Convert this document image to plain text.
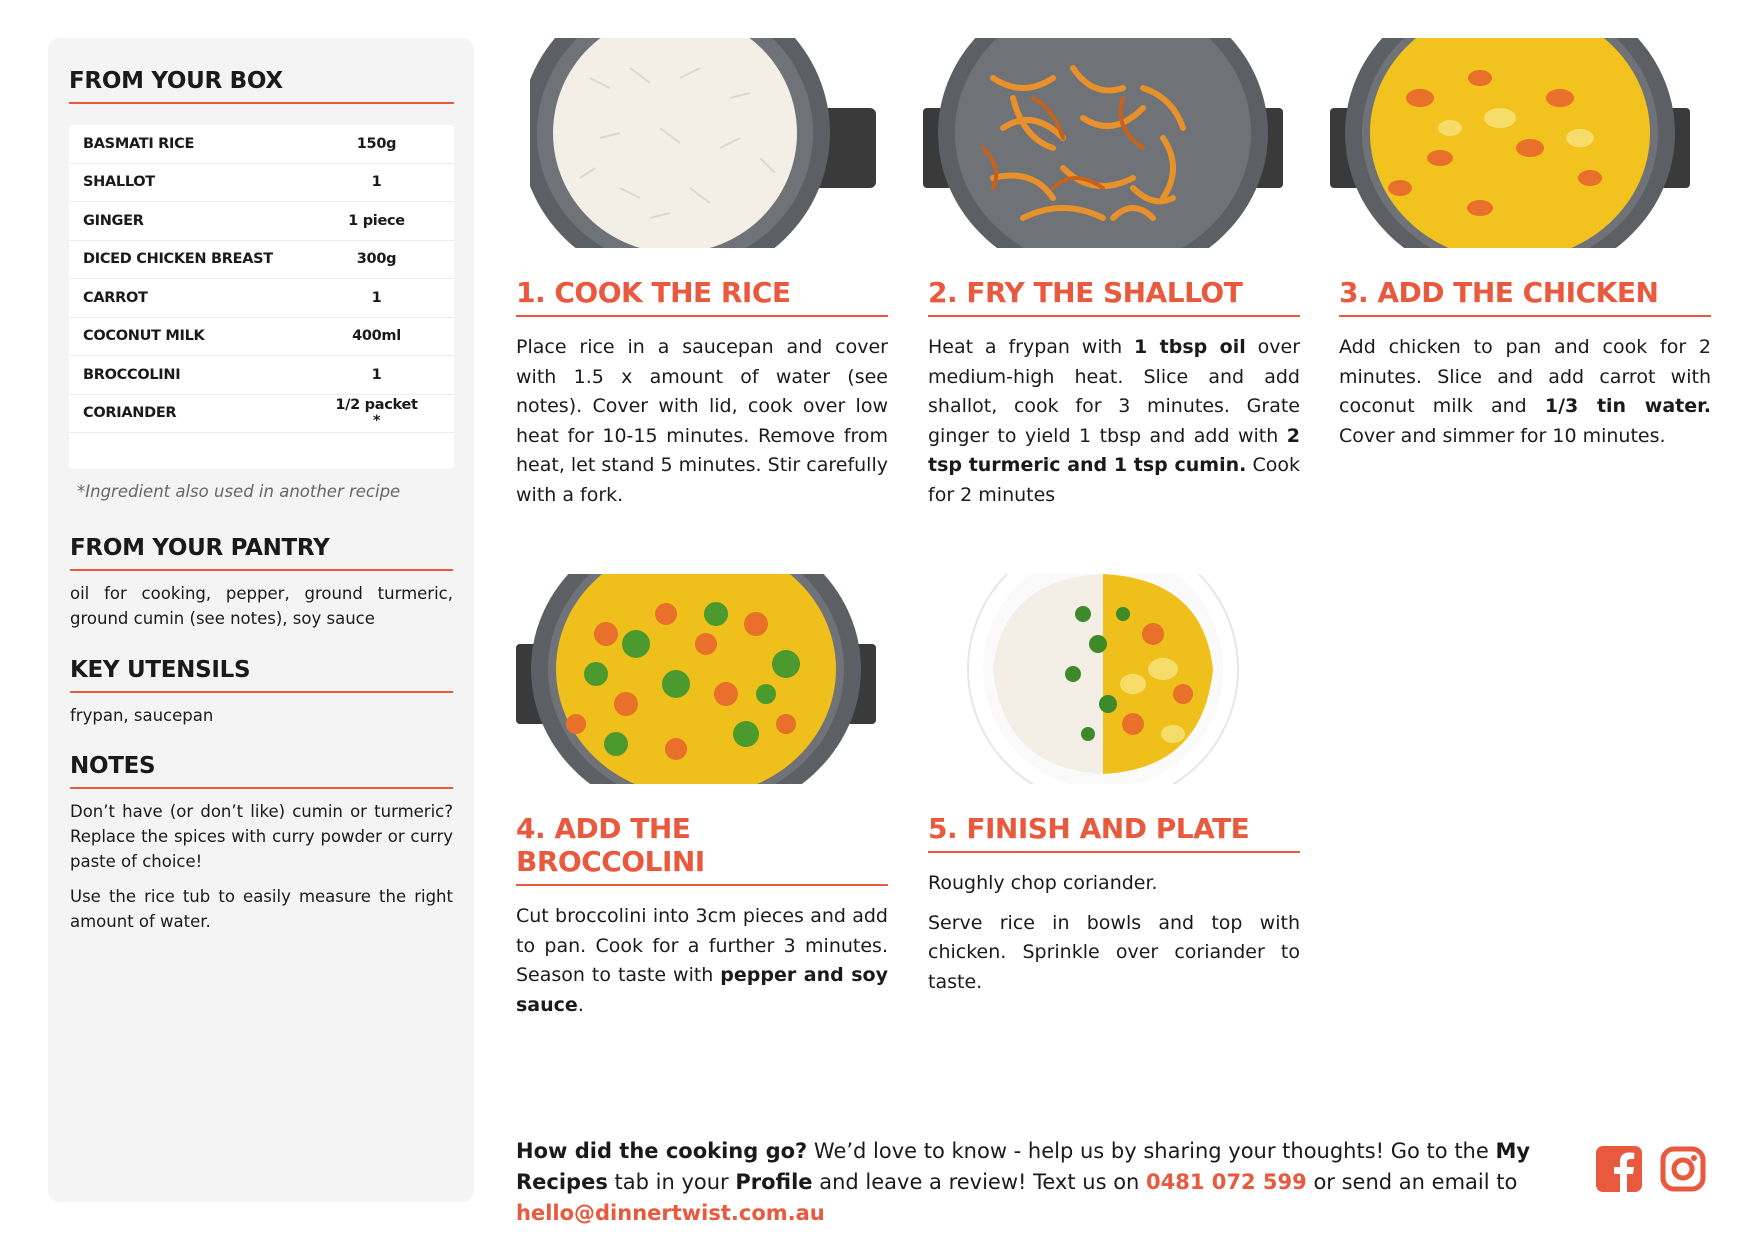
FROM YOUR BOX
BASMATI RICE	150g
SHALLOT	1
GINGER	1 piece
DICED CHICKEN BREAST	300g
CARROT	1
COCONUT MILK	400ml
BROCCOLINI	1
CORIANDER	1/2 packet *
*Ingredient also used in another recipe
FROM YOUR PANTRY
oil for cooking, pepper, ground turmeric, ground cumin (see notes), soy sauce
KEY UTENSILS
frypan, saucepan
NOTES
Don’t have (or don’t like) cumin or turmeric? Replace the spices with curry powder or curry paste of choice!
Use the rice tub to easily measure the right amount of water.
1. COOK THE RICE
Place rice in a saucepan and cover with 1.5 x amount of water (see notes). Cover with lid, cook over low heat for 10-15 minutes. Remove from heat, let stand 5 minutes. Stir carefully with a fork.
2. FRY THE SHALLOT
Heat a frypan with 1 tbsp oil over medium-high heat. Slice and add shallot, cook for 3 minutes. Grate ginger to yield 1 tbsp and add with 2 tsp turmeric and 1 tsp cumin. Cook for 2 minutes
3. ADD THE CHICKEN
Add chicken to pan and cook for 2 minutes. Slice and add carrot with coconut milk and 1/3 tin water. Cover and simmer for 10 minutes.
4. ADD THE BROCCOLINI
Cut broccolini into 3cm pieces and add to pan. Cook for a further 3 minutes. Season to taste with pepper and soy sauce.
5. FINISH AND PLATE
Roughly chop coriander.
Serve rice in bowls and top with chicken. Sprinkle over coriander to taste.
How did the cooking go? We’d love to know - help us by sharing your thoughts! Go to the My Recipes tab in your Profile and leave a review! Text us on 0481 072 599 or send an email to hello@dinnertwist.com.au
